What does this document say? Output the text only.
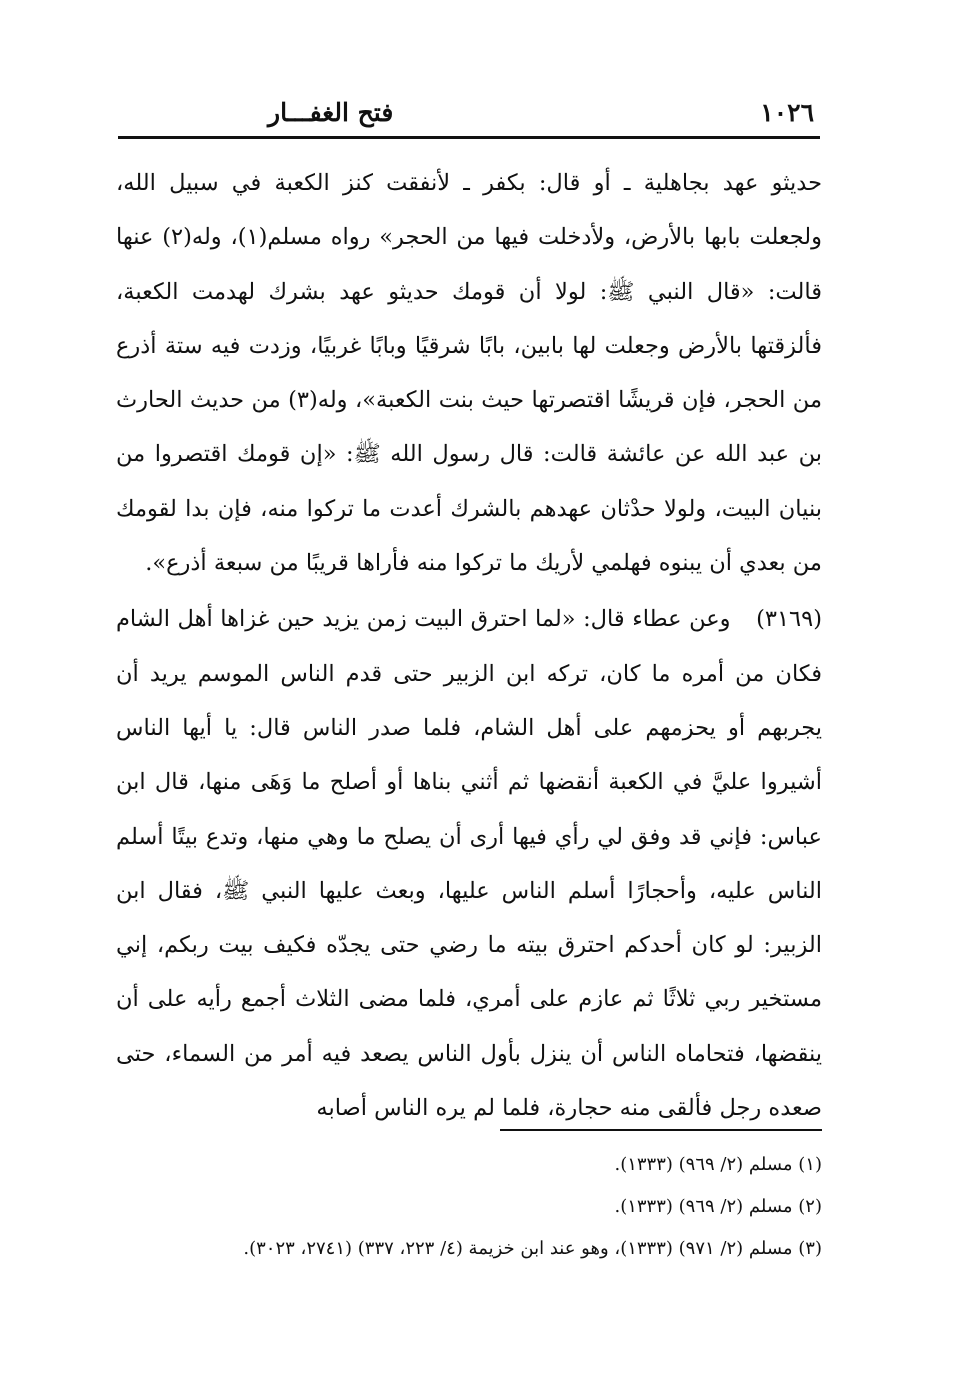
١٠٢٦
فتح الغفـــار

حديثو عهد بجاهلية ـ أو قال: بكفر ـ لأنفقت كنز الكعبة في سبيل الله، ولجعلت بابها بالأرض، ولأدخلت فيها من الحجر» رواه مسلم(١)، وله(٢) عنها قالت: «قال النبي ﷺ: لولا أن قومك حديثو عهد بشرك لهدمت الكعبة، فألزقتها بالأرض وجعلت لها بابين، بابًا شرقيًا وبابًا غربيًا، وزدت فيه ستة أذرع من الحجر، فإن قريشًا اقتصرتها حيث بنت الكعبة»، وله(٣) من حديث الحارث بن عبد الله عن عائشة قالت: قال رسول الله ﷺ: «إن قومك اقتصروا من بنيان البيت، ولولا حدْثان عهدهم بالشرك أعدت ما تركوا منه، فإن بدا لقومك من بعدي أن يبنوه فهلمي لأريك ما تركوا منه فأراها قريبًا من سبعة أذرع».

(٣١٦٩) وعن عطاء قال: «لما احترق البيت زمن يزيد حين غزاها أهل الشام فكان من أمره ما كان، تركه ابن الزبير حتى قدم الناس الموسم يريد أن يجربهم أو يحزمهم على أهل الشام، فلما صدر الناس قال: يا أيها الناس أشيروا عليَّ في الكعبة أنقضها ثم أثني بناها أو أصلح ما وَهَى منها، قال ابن عباس: فإني قد وفق لي رأي فيها أرى أن يصلح ما وهي منها، وتدع بيتًا أسلم الناس عليه، وأحجارًا أسلم الناس عليها، وبعث عليها النبي ﷺ، فقال ابن الزبير: لو كان أحدكم احترق بيته ما رضي حتى يجدّه فكيف بيت ربكم، إني مستخير ربي ثلاثًا ثم عازم على أمري، فلما مضى الثلاث أجمع رأيه على أن ينقضها، فتحاماه الناس أن ينزل بأول الناس يصعد فيه أمر من السماء، حتى صعده رجل فألقى منه حجارة، فلما لم يره الناس أصابه

(١) مسلم (٢/ ٩٦٩) (١٣٣٣).

(٢) مسلم (٢/ ٩٦٩) (١٣٣٣).

(٣) مسلم (٢/ ٩٧١) (١٣٣٣)، وهو عند ابن خزيمة (٤/ ٢٢٣، ٣٣٧) (٢٧٤١، ٣٠٢٣).
